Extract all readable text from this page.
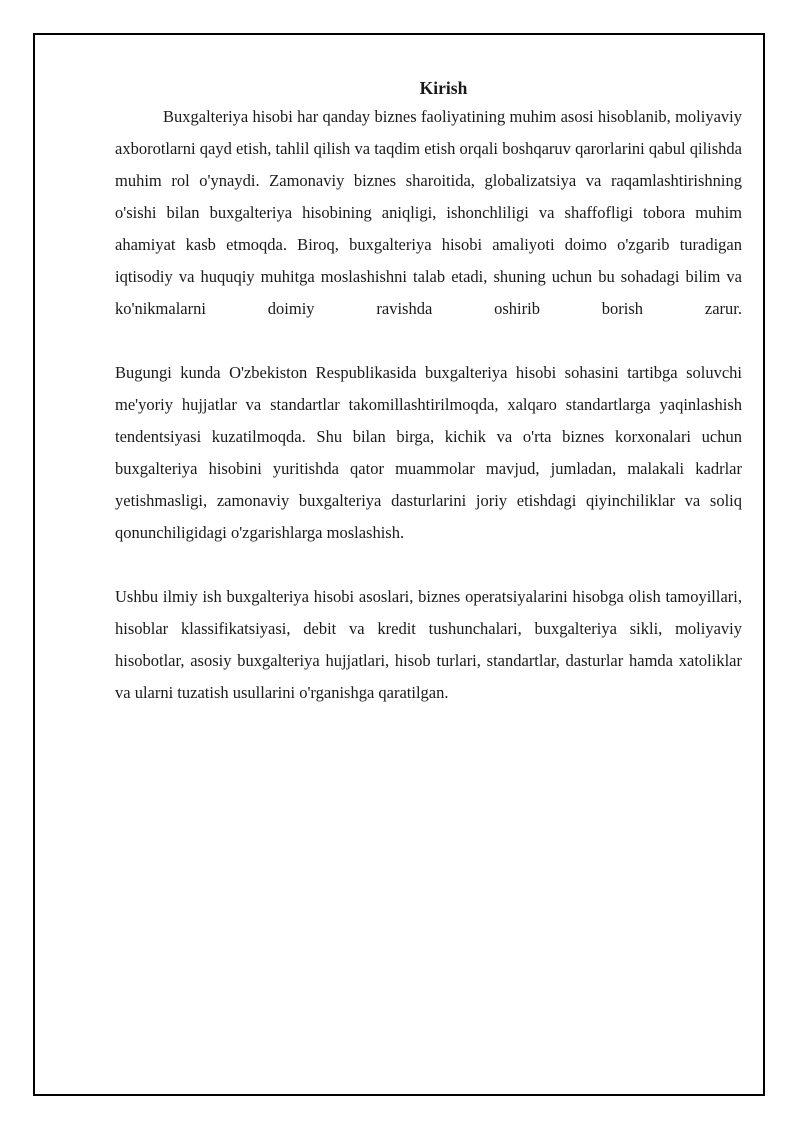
Kirish

Buxgalteriya hisobi har qanday biznes faoliyatining muhim asosi hisoblanib, moliyaviy axborotlarni qayd etish, tahlil qilish va taqdim etish orqali boshqaruv qarorlarini qabul qilishda muhim rol o'ynaydi. Zamonaviy biznes sharoitida, globalizatsiya va raqamlashtirishning o'sishi bilan buxgalteriya hisobining aniqligi, ishonchliligi va shaffofligi tobora muhim ahamiyat kasb etmoqda. Biroq, buxgalteriya hisobi amaliyoti doimo o'zgarib turadigan iqtisodiy va huquqiy muhitga moslashishni talab etadi, shuning uchun bu sohadagi bilim va ko'nikmalarni doimiy ravishda oshirib borish zarur.

Bugungi kunda O'zbekiston Respublikasida buxgalteriya hisobi sohasini tartibga soluvchi me'yoriy hujjatlar va standartlar takomillashtirilmoqda, xalqaro standartlarga yaqinlashish tendentsiyasi kuzatilmoqda. Shu bilan birga, kichik va o'rta biznes korxonalari uchun buxgalteriya hisobini yuritishda qator muammolar mavjud, jumladan, malakali kadrlar yetishmasligi, zamonaviy buxgalteriya dasturlarini joriy etishdagi qiyinchiliklar va soliq qonunchiligidagi o'zgarishlarga moslashish.

Ushbu ilmiy ish buxgalteriya hisobi asoslari, biznes operatsiyalarini hisobga olish tamoyillari, hisoblar klassifikatsiyasi, debit va kredit tushunchalari, buxgalteriya sikli, moliyaviy hisobotlar, asosiy buxgalteriya hujjatlari, hisob turlari, standartlar, dasturlar hamda xatoliklar va ularni tuzatish usullarini o'rganishga qaratilgan.
